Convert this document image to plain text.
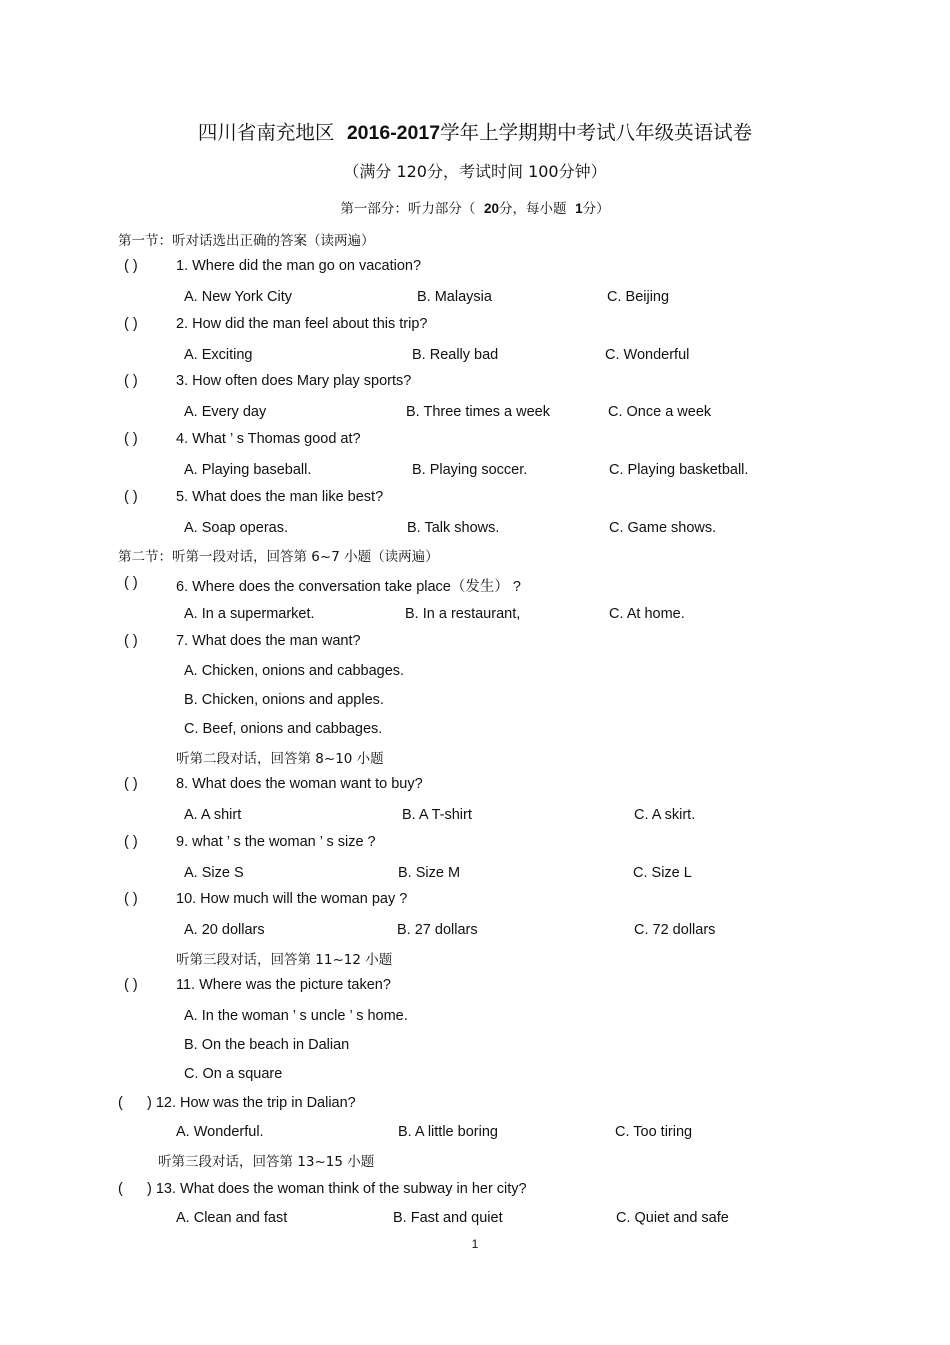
四川省南充地区 2016-2017学年上学期期中考试八年级英语试卷
（满分 120分，考试时间 100分钟）
第一部分：听力部分（ 20分，每小题 1分）
第一节：听对话选出正确的答案（读两遍）
( )	1. Where did the man go on vacation?
A. New York City	B. Malaysia	C. Beijing
( )	2. How did the man feel about this trip?
A. Exciting	B. Really bad	C. Wonderful
( )	3. How often does Mary play sports?
A. Every day	B. Three times a week	C. Once a week
( )	4. What ’ s Thomas good at?
A. Playing baseball.	B. Playing soccer.	C. Playing basketball.
( )	5. What does the man like best?
A. Soap operas.	B. Talk shows.	C. Game shows.
第二节：听第一段对话，回答第 6~7 小题（读两遍）
( )	6. Where does the conversation take place（发生） ?
A. In a supermarket.	B. In a restaurant,	C. At home.
( )	7. What does the man want?
A. Chicken, onions and cabbages.
B. Chicken, onions and apples.
C. Beef, onions and cabbages.
听第二段对话，回答第 8~10 小题
( )	8. What does the woman want to buy?
A. A shirt	B. A T-shirt	C. A skirt.
( )	9. what ’ s the woman ’ s size ?
A. Size S	B. Size M	C. Size L
( )	10. How much will the woman pay ?
A. 20 dollars	B. 27 dollars	C. 72 dollars
听第三段对话，回答第 11~12 小题
( )	11. Where was the picture taken?
A. In the woman ’ s uncle ’ s home.
B. On the beach in Dalian
C. On a square
( ) 12. How was the trip in Dalian?
A. Wonderful.	B. A little boring	C. Too tiring
听第三段对话，回答第 13~15 小题
( ) 13. What does the woman think of the subway in her city?
A. Clean and fast	B. Fast and quiet	C. Quiet and safe
1
